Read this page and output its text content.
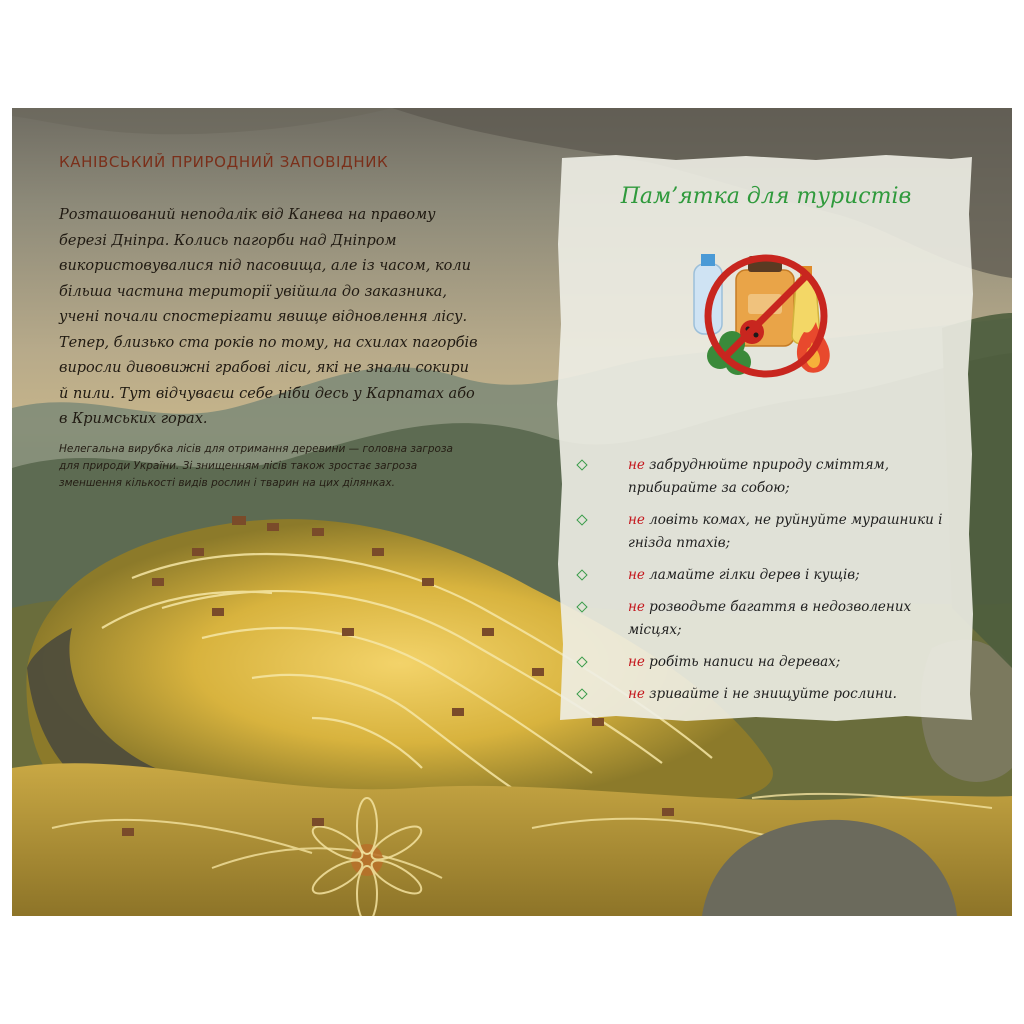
КАНІВСЬКИЙ ПРИРОДНИЙ ЗАПОВІДНИК
Розташований неподалік від Канева на правому березі Дніпра. Колись пагорби над Дніпром використовувалися під пасовища, але із часом, коли більша частина території увійшла до заказника, учені почали спостерігати явище відновлення лісу. Тепер, близько ста років по тому, на схилах пагорбів виросли дивовижні грабові ліси, які не знали сокири й пили. Тут відчуваєш себе ніби десь у Карпатах або в Кримських горах.
Нелегальна вирубка лісів для отримання деревини — головна загроза для природи України. Зі знищенням лісів також зростає загроза зменшення кількості видів рослин і тварин на цих ділянках.
Пам’ятка для туристів
не забруднюйте природу сміттям, прибирайте за собою;
не ловіть комах, не руйнуйте мурашники і гнізда птахів;
не ламайте гілки дерев і кущів;
не розводьте багаття в недозволених місцях;
не робіть написи на деревах;
не зривайте і не знищуйте рослини.
